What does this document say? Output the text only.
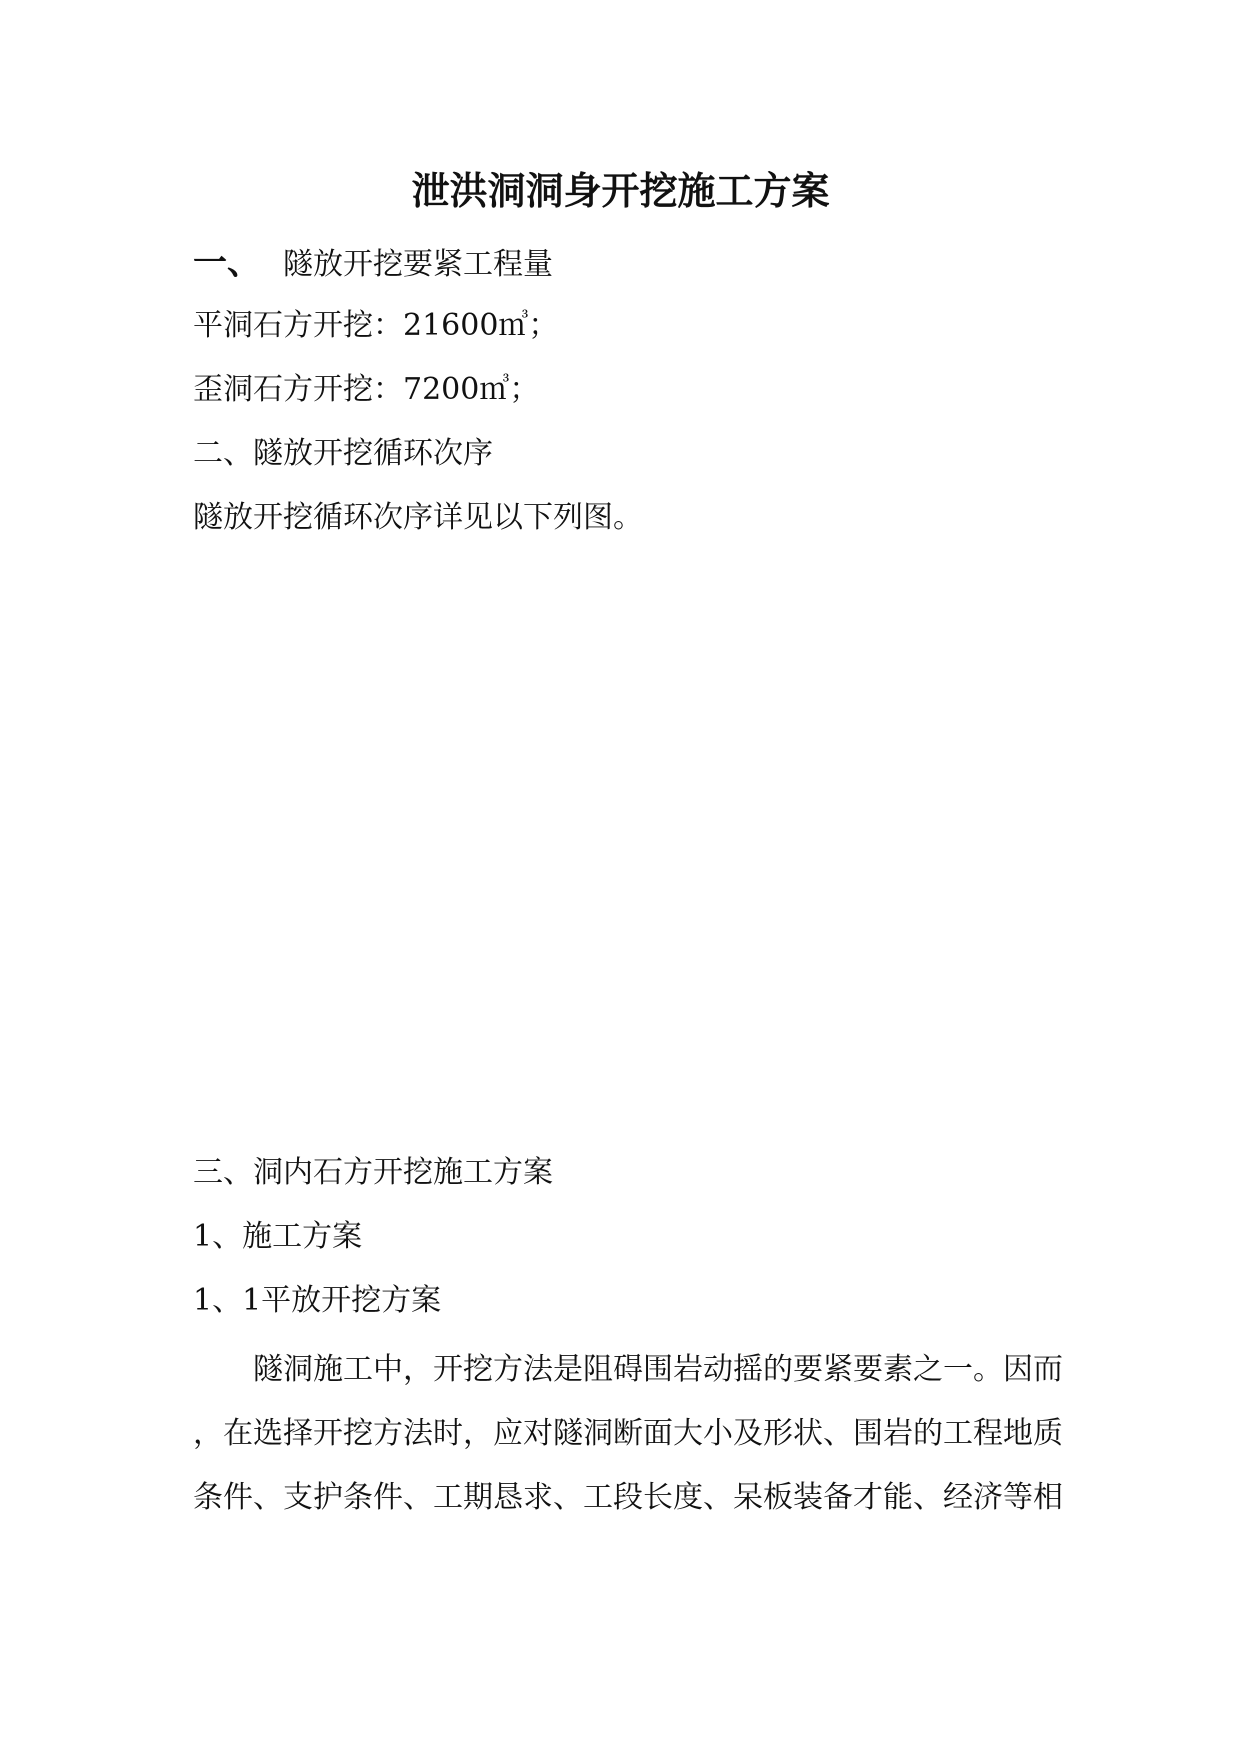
泄洪洞洞身开挖施工方案
一、 隧放开挖要紧工程量
平洞石方开挖：21600㎥；
歪洞石方开挖：7200㎥；
二、隧放开挖循环次序
隧放开挖循环次序详见以下列图。
三、洞内石方开挖施工方案
1、施工方案
1、1平放开挖方案
隧洞施工中，开挖方法是阻碍围岩动摇的要紧要素之一。因而
，在选择开挖方法时，应对隧洞断面大小及形状、围岩的工程地质
条件、支护条件、工期恳求、工段长度、呆板装备才能、经济等相
